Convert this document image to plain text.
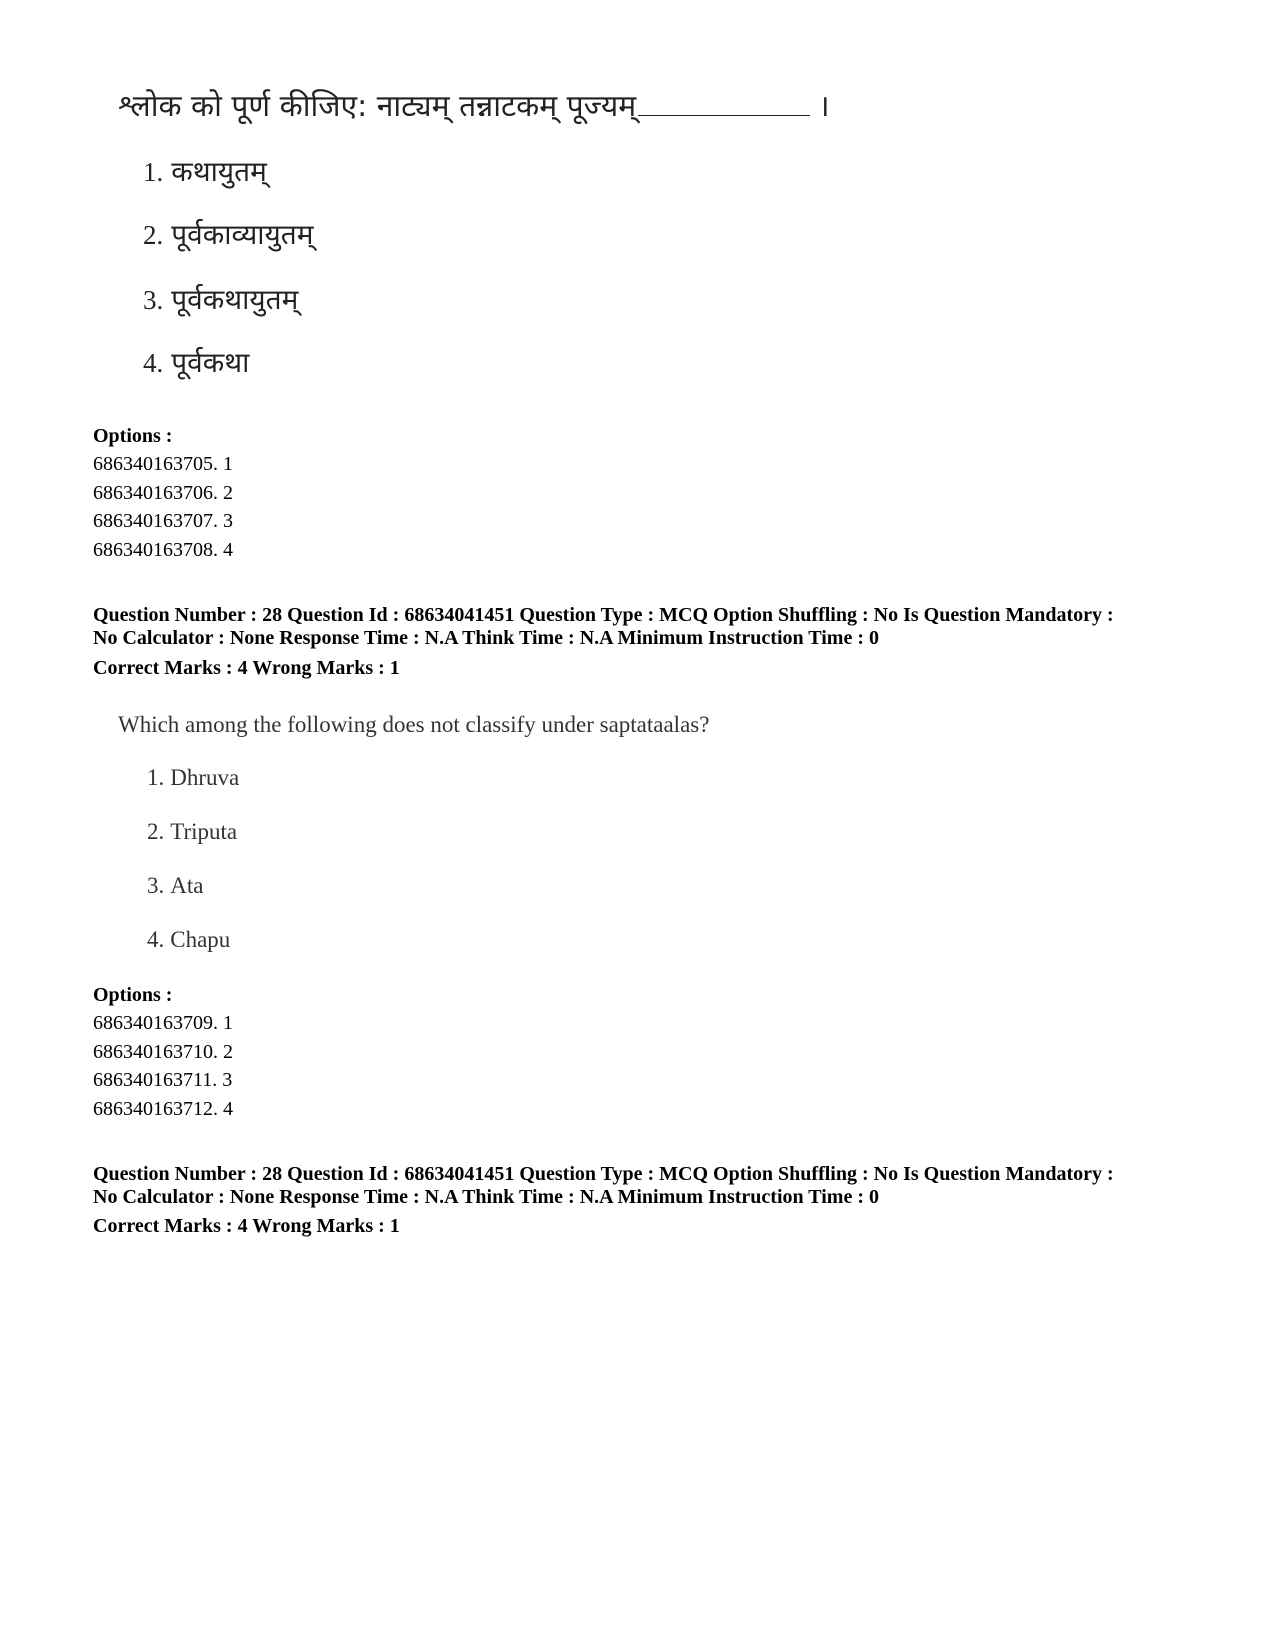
श्लोक को पूर्ण कीजिए: नाट्यम् तन्नाटकम् पूज्यम्	।
1. कथायुतम्
2. पूर्वकाव्यायुतम्
3. पूर्वकथायुतम्
4. पूर्वकथा
Options :
686340163705. 1
686340163706. 2
686340163707. 3
686340163708. 4
Question Number : 28 Question Id : 68634041451 Question Type : MCQ Option Shuffling : No Is Question Mandatory :
No Calculator : None Response Time : N.A Think Time : N.A Minimum Instruction Time : 0
Correct Marks : 4 Wrong Marks : 1
Which among the following does not classify under saptataalas?
1. Dhruva
2. Triputa
3. Ata
4. Chapu
Options :
686340163709. 1
686340163710. 2
686340163711. 3
686340163712. 4
Question Number : 28 Question Id : 68634041451 Question Type : MCQ Option Shuffling : No Is Question Mandatory :
No Calculator : None Response Time : N.A Think Time : N.A Minimum Instruction Time : 0
Correct Marks : 4 Wrong Marks : 1
